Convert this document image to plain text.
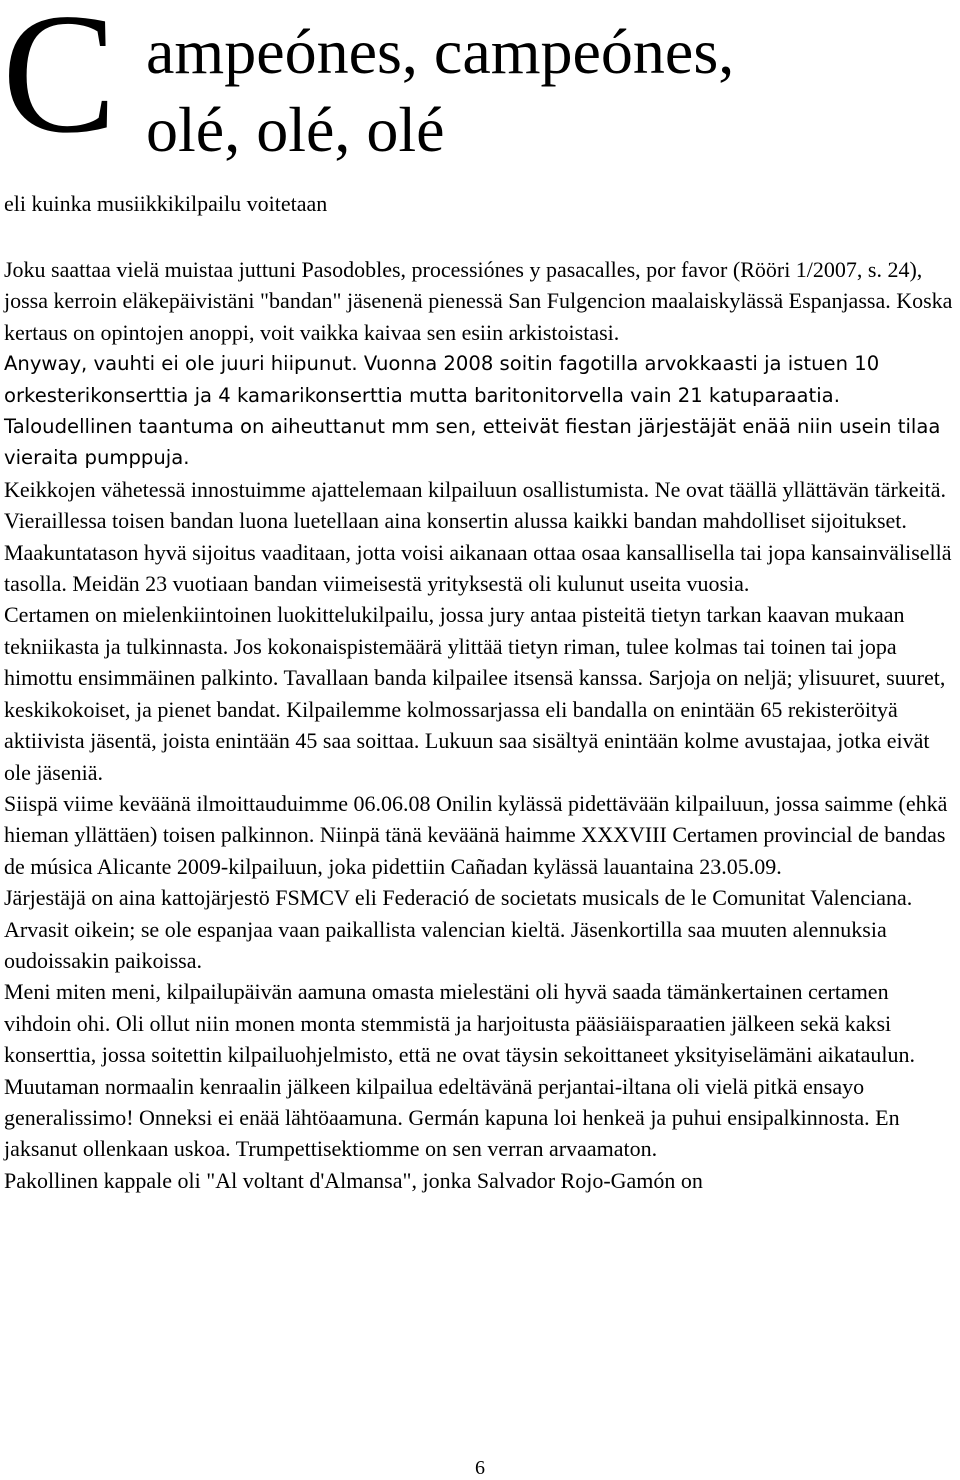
C ampeónes, campeónes,
olé, olé, olé
eli kuinka musiikkikilpailu voitetaan

Joku saattaa vielä muistaa juttuni Pasodobles, processiónes y pasacalles, por favor (Rööri 1/2007, s. 24), jossa kerroin eläkepäivistäni "bandan" jäsenenä pienessä San Fulgencion maalaiskylässä Espanjassa. Koska kertaus on opintojen anoppi, voit vaikka kaivaa sen esiin arkistoistasi.

Anyway, vauhti ei ole juuri hiipunut. Vuonna 2008 soitin fagotilla arvokkaasti ja istuen 10 orkesterikonserttia ja 4 kamarikonserttia mutta baritonitorvella vain 21 katuparaatia. Taloudellinen taantuma on aiheuttanut mm sen, etteivät fiestan järjestäjät enää niin usein tilaa vieraita pumppuja.

Keikkojen vähetessä innostuimme ajattelemaan kilpailuun osallistumista. Ne ovat täällä yllättävän tärkeitä. Vieraillessa toisen bandan luona luetellaan aina konsertin alussa kaikki bandan mahdolliset sijoitukset. Maakuntatason hyvä sijoitus vaaditaan, jotta voisi aikanaan ottaa osaa kansallisella tai jopa kansainvälisellä tasolla. Meidän 23 vuotiaan bandan viimeisestä yrityksestä oli kulunut useita vuosia.

Certamen on mielenkiintoinen luokittelukilpailu, jossa jury antaa pisteitä tietyn tarkan kaavan mukaan tekniikasta ja tulkinnasta. Jos kokonaispistemäärä ylittää tietyn riman, tulee kolmas tai toinen tai jopa himottu ensimmäinen palkinto. Tavallaan banda kilpailee itsensä kanssa. Sarjoja on neljä; ylisuuret, suuret, keskikokoiset, ja pienet bandat. Kilpailemme kolmossarjassa eli bandalla on enintään 65 rekisteröityä aktiivista jäsentä, joista enintään 45 saa soittaa. Lukuun saa sisältyä enintään kolme avustajaa, jotka eivät ole jäseniä.

Siispä viime keväänä ilmoittauduimme 06.06.08 Onilin kylässä pidettävään kilpailuun, jossa saimme (ehkä hieman yllättäen) toisen palkinnon. Niinpä tänä keväänä haimme XXXVIII Certamen provincial de bandas de música Alicante 2009-kilpailuun, joka pidettiin Cañadan kylässä lauantaina 23.05.09.

Järjestäjä on aina kattojärjestö FSMCV eli Federació de societats musicals de le Comunitat Valenciana. Arvasit oikein; se ole espanjaa vaan paikallista valencian kieltä. Jäsenkortilla saa muuten alennuksia oudoissakin paikoissa.

Meni miten meni, kilpailupäivän aamuna omasta mielestäni oli hyvä saada tämänkertainen certamen vihdoin ohi. Oli ollut niin monen monta stemmistä ja harjoitusta pääsiäisparaatien jälkeen sekä kaksi konserttia, jossa soitettin kilpailuohjelmisto, että ne ovat täysin sekoittaneet yksityiselämäni aikataulun.

Muutaman normaalin kenraalin jälkeen kilpailua edeltävänä perjantai-iltana oli vielä pitkä ensayo generalissimo! Onneksi ei enää lähtöaamuna. Germán kapuna loi henkeä ja puhui ensipalkinnosta. En jaksanut ollenkaan uskoa. Trumpettisektiomme on sen verran arvaamaton.

Pakollinen kappale oli "Al voltant d'Almansa", jonka Salvador Rojo-Gamón on

6
